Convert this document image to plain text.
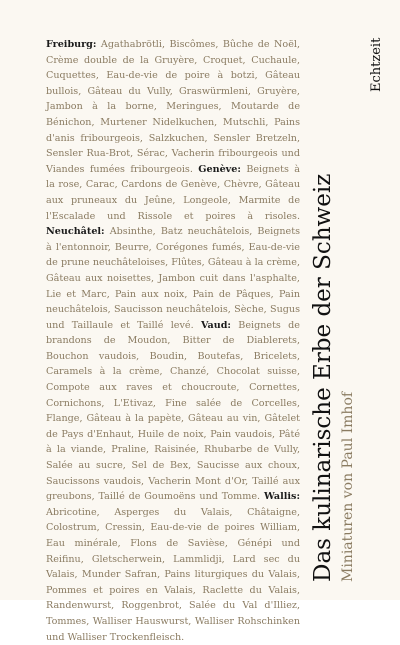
Freiburg: Agathabrötli, Biscômes, Bûche de Noël, Crème double de la Gruyère, Croquet, Cuchaule, Cuquettes, Eau-de-vie de poire à botzi, Gâteau bullois, Gâteau du Vully, Graswürmleni, Gruyère, Jambon à la borne, Meringues, Moutarde de Bénichon, Murtener Nidelkuchen, Mutschli, Pains d'anis fribourgeois, Salzkuchen, Sensler Bretzeln, Sensler Rua-Brot, Sérac, Vacherin fribourgeois und Viandes fumées fribourgeois. Genève: Beignets à la rose, Carac, Cardons de Genève, Chèvre, Gâteau aux pruneaux du Jeûne, Longeole, Marmite de l'Escalade und Rissole et poires à risoles. Neuchâtel: Absinthe, Batz neuchâtelois, Beignets à l'entonnoir, Beurre, Corégones fumés, Eau-de-vie de prune neuchâteloises, Flûtes, Gâteau à la crème, Gâteau aux noisettes, Jambon cuit dans l'asphalte, Lie et Marc, Pain aux noix, Pain de Pâques, Pain neuchâtelois, Saucisson neuchâtelois, Sèche, Sugus und Taillaule et Taillé levé. Vaud: Beignets de brandons de Moudon, Bitter de Diablerets, Bouchon vaudois, Boudin, Boutefas, Bricelets, Caramels à la crème, Chanzé, Chocolat suisse, Compote aux raves et choucroute, Cornettes, Cornichons, L'Etivaz, Fine salée de Corcelles, Flange, Gâteau à la papète, Gâteau au vin, Gâtelet de Pays d'Enhaut, Huile de noix, Pain vaudois, Pâté à la viande, Praline, Raisinée, Rhubarbe de Vully, Salée au sucre, Sel de Bex, Saucisse aux choux, Saucissons vaudois, Vacherin Mont d'Or, Taillé aux greubons, Taillé de Goumoëns und Tomme. Wallis: Abricotine, Asperges du Valais, Châtaigne, Colostrum, Cressin, Eau-de-vie de poires William, Eau minérale, Flons de Savièse, Génépi und Reifinu, Gletscherwein, Lammlidji, Lard sec du Valais, Munder Safran, Pains liturgiques du Valais, Pommes et poires en Valais, Raclette du Valais, Randenwurst, Roggenbrot, Salée du Val d'Illiez, Tommes, Walliser Hauswurst, Walliser Rohschinken und Walliser Trockenfleisch.
Das kulinarische Erbe der Schweiz Miniaturen von Paul Imhof
Echtzeit
